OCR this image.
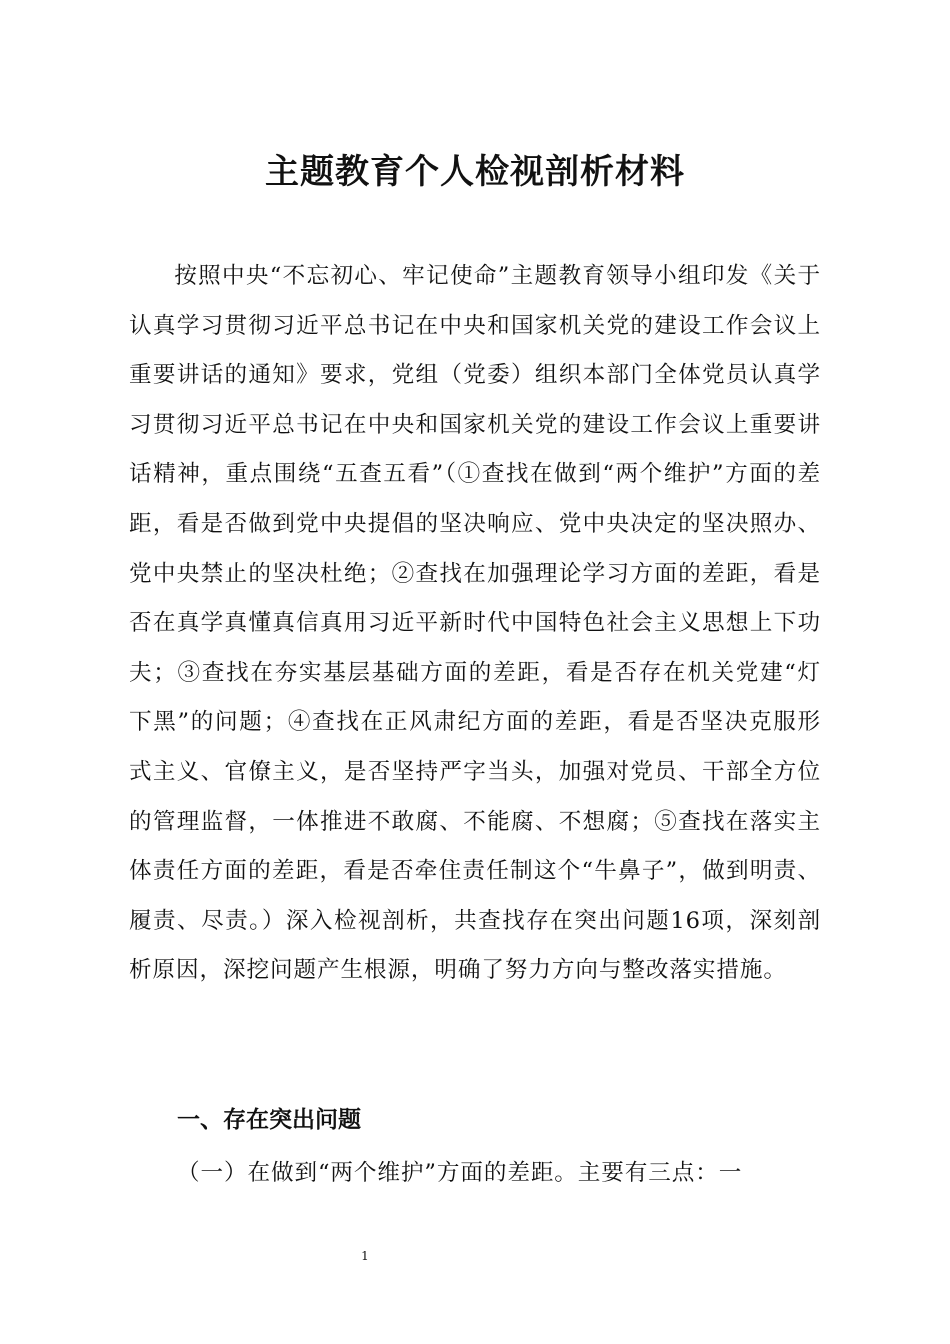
主题教育个人检视剖析材料

按照中央“不忘初心、牢记使命”主题教育领导小组印发《关于认真学习贯彻习近平总书记在中央和国家机关党的建设工作会议上重要讲话的通知》要求，党组（党委）组织本部门全体党员认真学习贯彻习近平总书记在中央和国家机关党的建设工作会议上重要讲话精神，重点围绕“五查五看”（①查找在做到“两个维护”方面的差距，看是否做到党中央提倡的坚决响应、党中央决定的坚决照办、党中央禁止的坚决杜绝；②查找在加强理论学习方面的差距，看是否在真学真懂真信真用习近平新时代中国特色社会主义思想上下功夫；③查找在夯实基层基础方面的差距，看是否存在机关党建“灯下黑”的问题；④查找在正风肃纪方面的差距，看是否坚决克服形式主义、官僚主义，是否坚持严字当头，加强对党员、干部全方位的管理监督，一体推进不敢腐、不能腐、不想腐；⑤查找在落实主体责任方面的差距，看是否牵住责任制这个“牛鼻子”，做到明责、履责、尽责。）深入检视剖析，共查找存在突出问题16项，深刻剖析原因，深挖问题产生根源，明确了努力方向与整改落实措施。

一、存在突出问题

（一）在做到“两个维护”方面的差距。主要有三点：一

1
